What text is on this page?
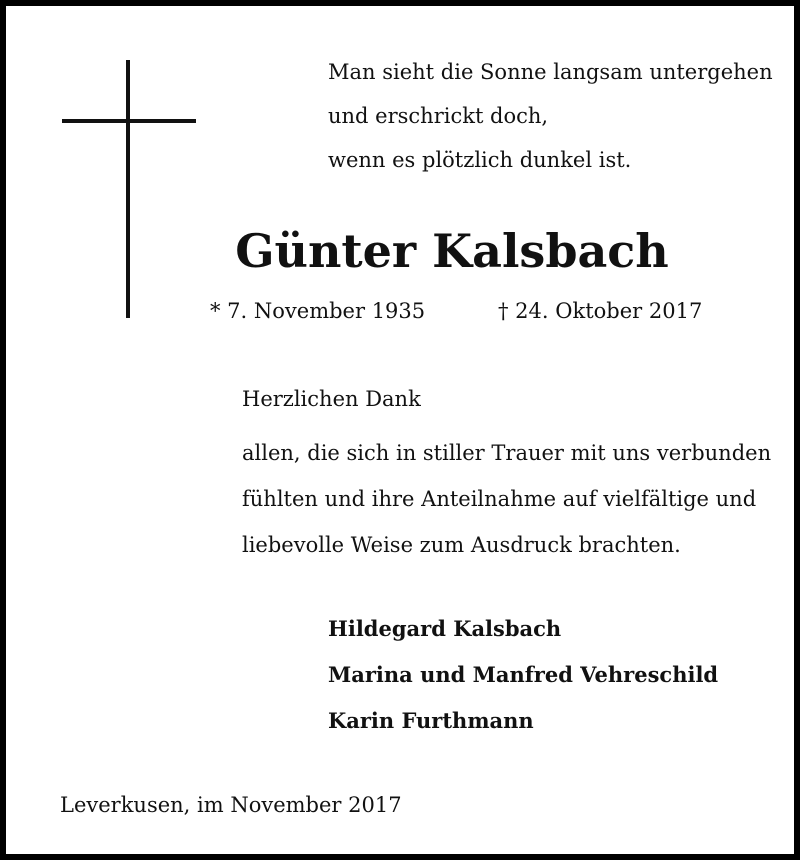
Man sieht die Sonne langsam untergehen
und erschrickt doch,
wenn es plötzlich dunkel ist.
Günter Kalsbach
* 7. November 1935	† 24. Oktober 2017
Herzlichen Dank
allen, die sich in stiller Trauer mit uns verbunden
fühlten und ihre Anteilnahme auf vielfältige und
liebevolle Weise zum Ausdruck brachten.
Hildegard Kalsbach
Marina und Manfred Vehreschild
Karin Furthmann
Leverkusen, im November 2017
